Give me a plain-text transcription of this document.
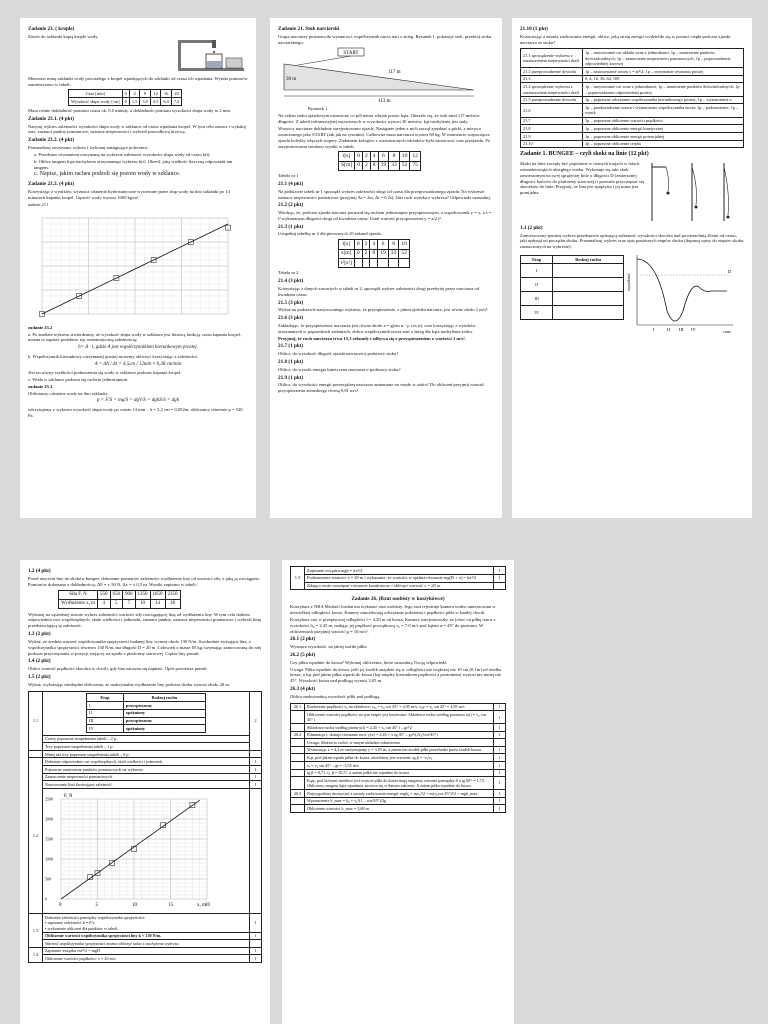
Zadanie 23. ( kroplе)
Zawór do szklanki kapią krople wody.
Mierzono masę szklanki wody powstałego z kropel wpadających do szklanki od czasu ich wpadania. Wyniki pomiarów zamieszczono w tabeli:
Czas [min]	0	4	8	12	16	20
Wysokość słupa wody [cm]	0	1,5	3,0	4,5	6,0	7,2
Masa rośnie dokładność pomiaru czasu ok. 0,5 minuty, a dokładność pomiaru wysokości słupa wody to 2 mm.
Zadanie 23.1. (4 pkt)
Narysuj wykres zależności wysokości słupa wody w szklance od czasu wpadania kropel. W tym celu oznacz i wykaluj osie, zaznacz punkty pomiarowe, zaznacz niepewności i wykreśl prawidłową krzywą.
Zadanie 23.2. (4 pkt)
Przeanalizuj otrzymany wykres i wykonaj następujące polecenia:
a. Przedstaw równaniem otrzymaną na wykresie zależność wysokości słupa wody od czasu h(t).
b. Oblicz tangens kąta nachylenia otrzymanego wykresu h(t). Określ, jaką wielkość fizyczną odpowiada tan tangens.
c. Napisz, jakim racheu podzoli się pozom wody w szklance.
Zadanie 23.3. (4 pkt)
Korzystając z wyników, wyznacz ciśnienie hydrostatyczne wywierane przez słup wody na dno szklanki po 14 minutach kapania kropel. Gęstość wody wynosi 1000 kg/m³.
zadanie 23.1
zadanie 23.2
a. Po analizie wykresu stwierdzamy, że wysokość słupa wody w szklance jest liniową funkcją czasu kapania kropel, można to zapisać podobnie, np. matematyczną zależnością;
h= A · t, gdzie A jest współczynnikiem kierunkowym prostej.
b. Współczynnik kierunkowy otrzymanej prostej możemy obliczyć korzystając z zależności:
A = Δh / Δt = 4,5cm / 12min ≈ 0,38 cm/min
Jest on równy szybkości podnoszenia się wody w szklance podczas kapania kropel.
c. Woda w szklance podnosi się ruchem jednostajnym.
zadanie 23.3.
Obliczamy ciśnienie wody na dno szklanki:
p = F/S = mg/S = dgV/S = dghS/S = dgh
odczytujemy z wykresu wysokość słupa wody po czasie 14 min – h = 5,2 cm = 0,052m; obliczamy ciśnienie p = 520 Pa.
Zadanie 21. Stok narciarski
Grupa narciarzy postanowiła wyznaczyć współczynnik tarcia nart o śnieg. Rysunek 1. pokazuje stok, przekrój stoku narciarskiego.
START
117 m
30 m
113 m
Rysunek 1.
Na całym stoku zjazdowym ustawiono co pół metra wbijak prosto kąta. Okazało się, że stok miał 117 metrów długości. Z tabeli informacyjnej ustawionych w wysokości wynosi 30 metrów, kąt nachylenia jest stały.
Wszyscy narciarze dokładnie zarejestrowano zjazdy. Następnie jeden z nich zaczął zjeżdżać z górki, z miejsca oznaczonego jako START (tak jak na rysunku). Całkowita masa narciarza wynosi 60 kg. W momencie rozpoczęcia zjazdu koledzy włączyli stopery. Zadaniem kolegów z rozstawionych odcinków było zanotować czas przejazdu. Po zarejestrowaniu ustalono wyniki w tabeli.
t[s]	0	2	4	6	8	10	12
S[m]	0	2	8	19	33	52	75
Tabela nr 1
21.1 (4 pkt)
Na podstawie tabeli nr 1 sporządź wykres zależności drogi od czasu dla przeprowadzonego zjazdu. Na wykresie zaznacz niepewności pomiarowe (przyjmij Δt = 2m, Δt = 0,2s). Jaki ruch wynika z wykresu? Odpowiedz uzasadnij.
21.2 (2 pkt)
Wiedząc, że, podczas zjazdu narciarz poruszał się ruchem jednostajnie przyspieszonym, a współczynnik y = x, a s = t² wykonanym długości drogi od kwadratu czasu. Ustal wartość przyspieszenia y = a/2 t².
21.3 (1 pkt)
Uzupełnij tabelkę nr 2 dla pierwszych 10 sekund zjazdu.
t[s]	0	2	4	6	8	10
s[m]	0	2	8	19	33	52
t²[s²]						
Tabela nr 2
21.4 (3 pkt)
Korzystając z danych zawartych w tabeli nr 2, sporządź wykres zależności drogi przebytej przez narciarza od kwadratu czasu.
21.5 (3 pkt)
Wykaż na podstawie narysowanego wykresu, że przyspieszenie, z jakim zjeżdża narciarz, jest równe około 1 m/s².
21.6 (3 pkt)
Zakładając, że przyspieszenie narciarza jest równe około a = g(sin α - μ cos α), oraz korzystając z wyników otrzymanych w poprzednich zadaniach, oblicz współczynnik tarcia nart o śnieg dla kąta nachylenia stoku.
Przyjmij, że ruch narciarza trwa 15,3 sekundy i odbywa się z przyspieszeniem o wartości 1 m/s².
21.7 (1 pkt)
Oblicz, do wysokość długość zjazdu narciarza u podstawy stoku?
21.8 (1 pkt)
Oblicz, do wysoki energia kinetyczna narciarza u podstawy stoku?
21.9 (1 pkt)
Oblicz, do wysokości energii potencjalnej narciarza zmienione na ciepło w stoku? Do obliczeń przyjmij wartość przyspieszenia ziemskiego równą 9,81 m/s².
21.10 (1 pkt)
Korzystając z zasady zachowania energii, oblicz, jaką stratę energii wydzieliło się w postaci ciepła podczas zjazdu narciarza ze stoku?
21.1 sporządzenie wykresu z zaznaczeniem niepewności skali	1p – narysowanie osi układu wraz z jednostkami; 1p – naniesienie punktów doświadczalnych; 1p – zaznaczenie niepewności pomiarowych; 1p – poprowadzenie odpowiedniej krzywej
21.2 przeprowadzenie dowodu	1p – zastosowanie wzoru s = at²/2; 1p – otrzymanie równania prostej
21.3	0, 4, 16, 36, 64, 100
21.4 sporządzenie wykresu z zaznaczeniem niepewności skali	1p – narysowanie osi wraz z jednostkami; 1p – naniesienie punktów doświadczalnych; 1p – poprowadzenie odpowiedniej prostej
21.5 przeprowadzenie dowodu	1p – poprawne odczytanie współczynnika kierunkowego prostej; 1p – wyznaczenie a
21.6	1p – przekształcenie wzoru i wyznaczenie współczynnika tarcia; 1p – podstawienie; 1p – wynik
21.7	1p – poprawne obliczenie wartości prędkości
21.8	1p – poprawne obliczenie energii kinetycznej
21.9	1p – poprawne obliczenie energii potencjalnej
21.10	1p – poprawne obliczenie ciepła
Zadanie 1. BUNGEE – czyli skoki na linie (12 pkt)
Skoki na linie zaczęły być popularne w różnych krajach w latach osiemdziesiątych ubiegłego wieku. Wykonuje się taki skok zawieszonym na swej sprężystej linie o długości D (zmierzonej długości końców do platformy startowej) i pozwala przyczepiać się skoczków do linie. Przyjmij, że lina jest sprężysta i jej masa jest pomijalna.
1.1 (2 pkt)
Zamieszczony poniżej wykres przedstawia opisującą zależność wysokości skoczka nad powierzchnią Ziemi od czasu, jaki upłynął od początku skoku. Przeanalizuj wykres oraz opis poniższych etapów skoku (dopasuj opisy do etapów skoku zaznaczonych na wykresie).
Etap	Rodzaj ruchu
I	
II	
III	
IV	
wysokość
czas
D
I	II III IV
1.2 (4 pkt)
Przed użyciem liny do skoków bungee, dokonano pomiarów zależności wydłużenia liny od wartości siły, z jaką ją rozciągano. Pomiarów dokonano z dokładnością: ΔF = ± 50 N, Δx = ± 0,5 m. Wyniki zapisano w tabeli:
Siła F, N	550	650	900	1250	1850	2350
Wydłużenie x, m	4	5	7	10	14	18
Wykonaj na sąsiedniej stronie wykres zależności wartości siły rozciągającej linę od wydłużenia liny. W tym celu dobierz odpowiednio osie współrzędnych, skale wielkości i jednostki, zaznacz punkty, zaznacz niepewności pomiarowe i wykreśl linię przedstawiającą tę zależność.
1.3 (2 pkt)
Wykaż, że średnia wartość współczynnika sprężystości badanej liny wynosi około 130 N/m. Swobodnie zwisająca lina, o współczynniku sprężystości równym 130 N/m, ma długość D = 20 m. Człowiek o masie 65 kg, trzymając zamocowaną do niej podczas przyczepiania w pozycji stojącej, na spodu z platformy startowej. Ciężar liny pomiń.
1.4 (2 pkt)
Oblicz wartość prędkości skoczka w chwili, gdy lina zaczyna się napinać. Opór powietrza pomiń.
1.5 (2 pkt)
Wykaż, wykonując niezbędne obliczenia, że maksymalne wydłużenie liny podczas skoku wynosi około 20 m.
1.1	
Etap	Rodzaj ruchu
I	przyspieszony
II	opóźniony
III	przyspieszony
IV	opóźniony
	2
Cztery poprawne uzupełnienia tabeli – 2 p.
Trzy poprawne uzupełnienia tabeli – 1 p.
	Mniej niż trzy poprawne uzupełnienia tabeli – 0 p.	
1.2	Dobranie odpowiednio osi współrzędnych, skali wielkości i jednostek.	1
Poprawne naniesienie punktów pomiarowych na wykresie.	1
Zaznaczenie niepewności pomiarowych.	1
Narysowanie linii ilustrującej zależność.	1

0	5	10	15	20
0
500
1000
1500
2000
2500 F, N
x, m

1.3	Dobranie zależności pomiędzy współczynnika sprężystości:
• zapisanie zależności k = F/x
• wykonanie obliczeń dla punktów w tabeli.	1
Obliczenie wartości współczynnika sprężystości liny k ≈ 130 N/m.	1
Wartość współczynnika sprężystości można obliczyć także z nachylenia wykresu.	
1.4	Zapisanie związku mv²/2 = mgD	1
Obliczenie wartości prędkości: v ≈ 20 m/s	1
1.5	Zapisanie związku mgh = kx²/2	1
	Podstawienie wartości x = 20 m i wykazanie, że wartości w spełnia równanie mg(D + x) = kx²/2	1
	Zdający może rozwiązać równanie kwadratowe i obliczyć wartość x = 20 m.	
Zadanie 26. (Rzut osobisty w koszykówce)
Koszykarz z NBA Michael Jordan ma wykonać rzut osobisty. Jego rzut rejestruje kamera wideo umieszczona w niewielkiej odległości kosza. Kamery umożliwiają odczytanie położenia i prędkości piłki w każdej chwili.
Koszykarz stoi w przepisowej odległości l = 4,20 m od kosza. Kamery zarejestrowały, że (choć on piłkę rzuca z wysokości h₀ = 2,45 m, nadając jej prędkość początkową v₀ = 7,0 m/s pod kątem α = 45° do poziomu. W obliczeniach przyjmij wartość g = 10 m/s².
26.1 (2 pkt)
Wyznacz wysokość, na jakiej trafiła piłka.
26.2 (5 pkt)
Czy piłka wpadnie do kosza? Wykonaj obliczenia, które uzasadnią Twoją odpowiedź.
Uwaga. Piłka wpadnie do kosza, jeśli jej środek znajdzie się w odległości nie większej niż 10 cm (0,1m) od środka kosza, a kąt pod jakim piłka wpada do kosza (kąt między kierunkiem prędkości a poziomem) wynosi nie mniej niż 45°. Wysokość kosza nad podłogą wynosi 3,05 m.
26.3 (4 pkt)
Oblicz maksymalną wysokość piłki nad podłogą.
26.1	Rozłożenie prędkości v₀ na składowe: v₀ₓ = v₀ cos 45° = 4,95 m/s; v₀y = v₀ sin 45° = 4,95 m/s	1
	Obliczenie wartości prędkości na tym etapie jest konieczne: Składowa ruchu według poziomu x(t) = v₀ cos 45° t	1
	Składowa ruchu według pionu y(t) = 2,45 + v₀ sin 45° t – gt²/2	1
26.2	Eliminacja t, dostaje równanie toru: y(x) = 2,45 + x tg 45° – gx²/(2v₀²cos²45°)	1
	Uwaga. Można to zrobić w innym układzie odniesienia	
	Wstawiając x = 4,2 m otrzymujemy y = 3,05 m, a zatem ten środek piłki przechodzi przez środek kosza.	1
	Kąt, pod jakim wpada piłka do kosza, określamy jest wzorem: tg β = -vᵧ/vₓ	1
	vᵧ = v₀ sin 45° – gt = -3,55 m/s	1
	tg β = 0,71, tj. β = 35,5°, a zatem piłka nie wpadnie do kosza	1
	Kąty, pod którymi możliwe jest wejście piłki do kosza mają tangensy zawarte pomiędzy 0 a tg 60° = 1,73. Obliczony tangens kąta wpadania zawiera się w danym zakresie. A zatem piłka wpadnie do kosza.	1
26.3	Najwygodniej skorzystać z zasady zachowania energii: mgh₀ + mv₀²/2 = m(v₀cos 45°)²/2 + mgh_max	1
	Wyznaczenie h_max = h₀ + v₀²(1 – cos²45°)/2g	1
	Obliczenie wartości h_max = 3,68 m	1
